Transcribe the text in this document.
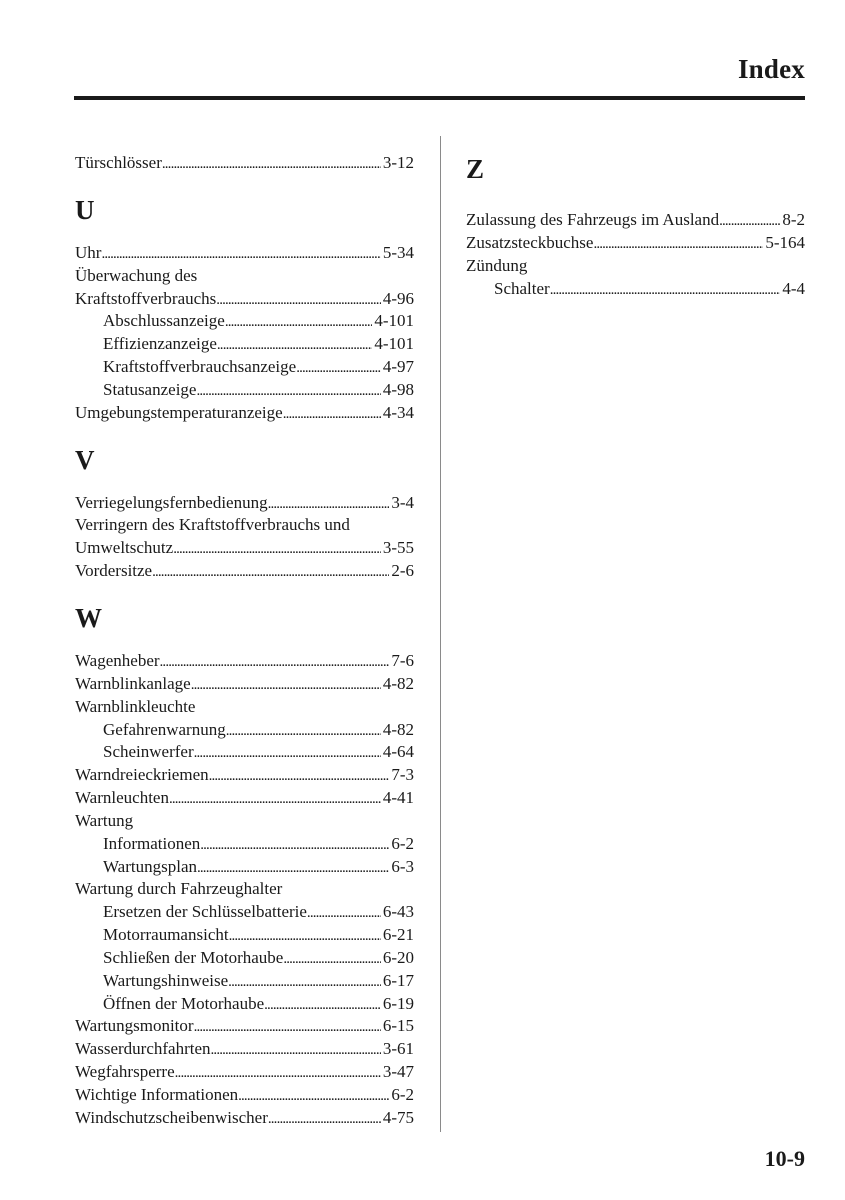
Index
Türschlösser . . .	3-12
U
Uhr . . .	5-34
Überwachung des
Kraftstoffverbrauchs . . .	4-96
Abschlussanzeige . . .	4-101
Effizienzanzeige . . .	4-101
Kraftstoffverbrauchsanzeige . . .	4-97
Statusanzeige . . .	4-98
Umgebungstemperaturanzeige . . .	4-34
V
Verriegelungsfernbedienung . . .	3-4
Verringern des Kraftstoffverbrauchs und
Umweltschutz . . .	3-55
Vordersitze . . .	2-6
W
Wagenheber . . .	7-6
Warnblinkanlage . . .	4-82
Warnblinkleuchte
Gefahrenwarnung . . .	4-82
Scheinwerfer . . .	4-64
Warndreieckriemen . . .	7-3
Warnleuchten . . .	4-41
Wartung
Informationen . . .	6-2
Wartungsplan . . .	6-3
Wartung durch Fahrzeughalter
Ersetzen der Schlüsselbatterie . . .	6-43
Motorraumansicht . . .	6-21
Schließen der Motorhaube . . .	6-20
Wartungshinweise . . .	6-17
Öffnen der Motorhaube . . .	6-19
Wartungsmonitor . . .	6-15
Wasserdurchfahrten . . .	3-61
Wegfahrsperre . . .	3-47
Wichtige Informationen . . .	6-2
Windschutzscheibenwischer . . .	4-75
Z
Zulassung des Fahrzeugs im Ausland . . .	8-2
Zusatzsteckbuchse . . .	5-164
Zündung
Schalter . . .	4-4
10-9
